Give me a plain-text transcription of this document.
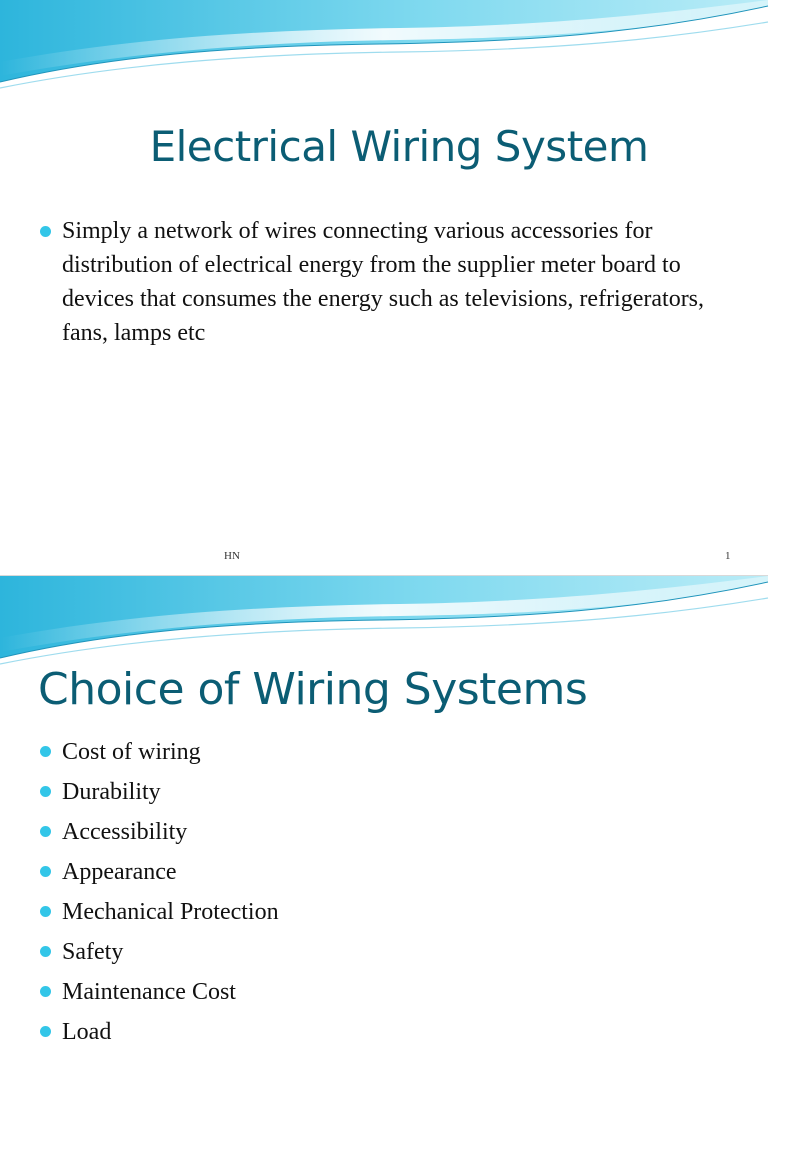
Electrical Wiring System
Simply a network of wires connecting various accessories for distribution of electrical energy from the supplier meter board to devices that consumes the energy such as televisions, refrigerators, fans, lamps etc
HN	1
Choice of Wiring Systems
Cost of wiring
Durability
Accessibility
Appearance
Mechanical Protection
Safety
Maintenance Cost
Load
